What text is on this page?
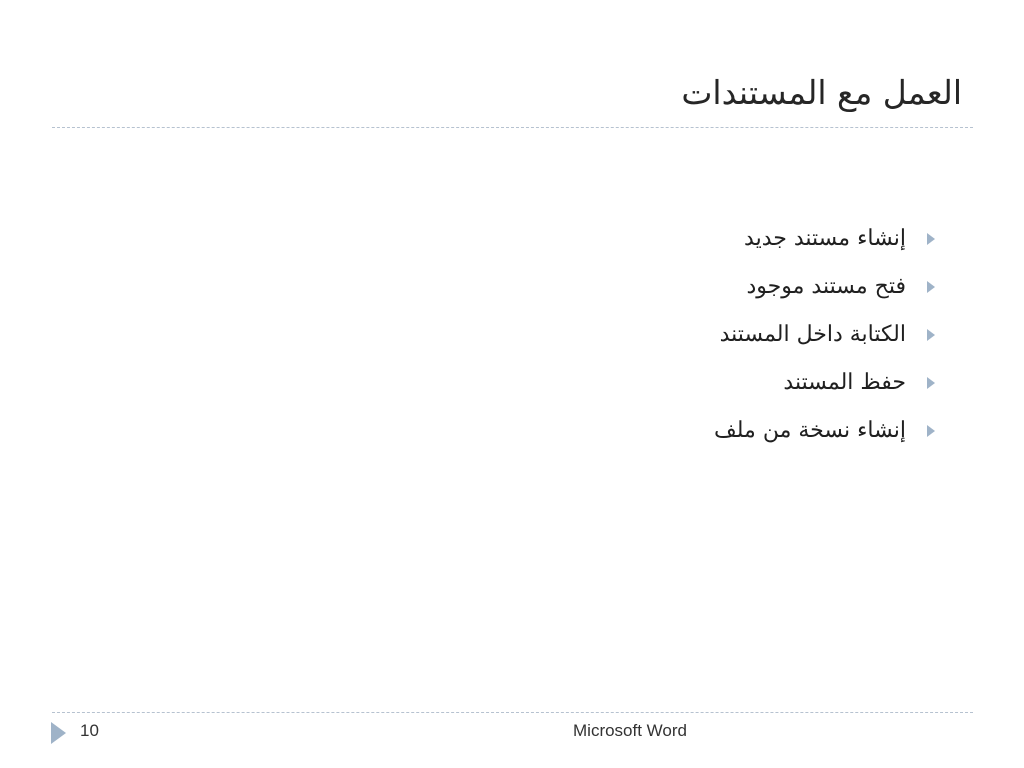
العمل مع المستندات
إنشاء مستند جديد
فتح مستند موجود
الكتابة داخل المستند
حفظ المستند
إنشاء نسخة من ملف
10	Microsoft Word
